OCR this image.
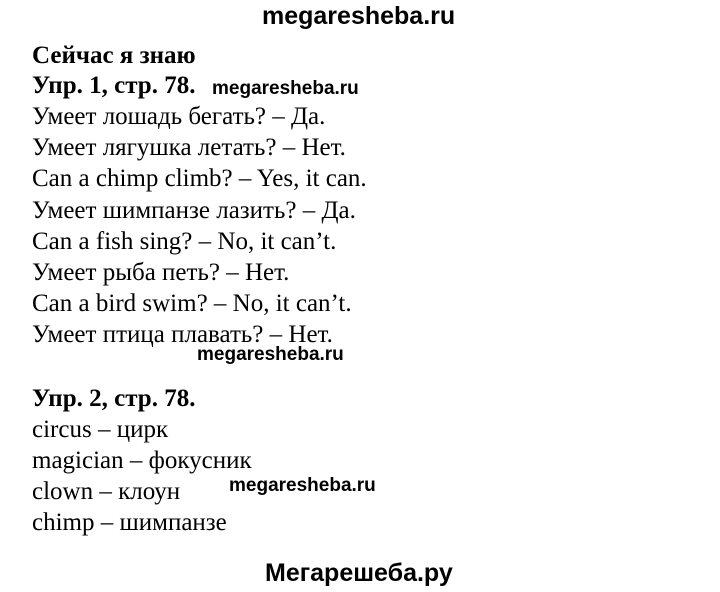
megaresheba.ru
Сейчас я знаю
Упр. 1, стр. 78.
Умеет лошадь бегать? – Да.
Умеет лягушка летать? – Нет.
Can a chimp climb? – Yes, it can.
Умеет шимпанзе лазить? – Да.
Can a fish sing? – No, it can’t.
Умеет рыба петь? – Нет.
Can a bird swim? – No, it can’t.
Умеет птица плавать? – Нет.
Упр. 2, стр. 78.
circus – цирк
magician – фокусник
clown – клоун
chimp – шимпанзе
megaresheba.ru
megaresheba.ru
megaresheba.ru
Мегарешеба.ру
